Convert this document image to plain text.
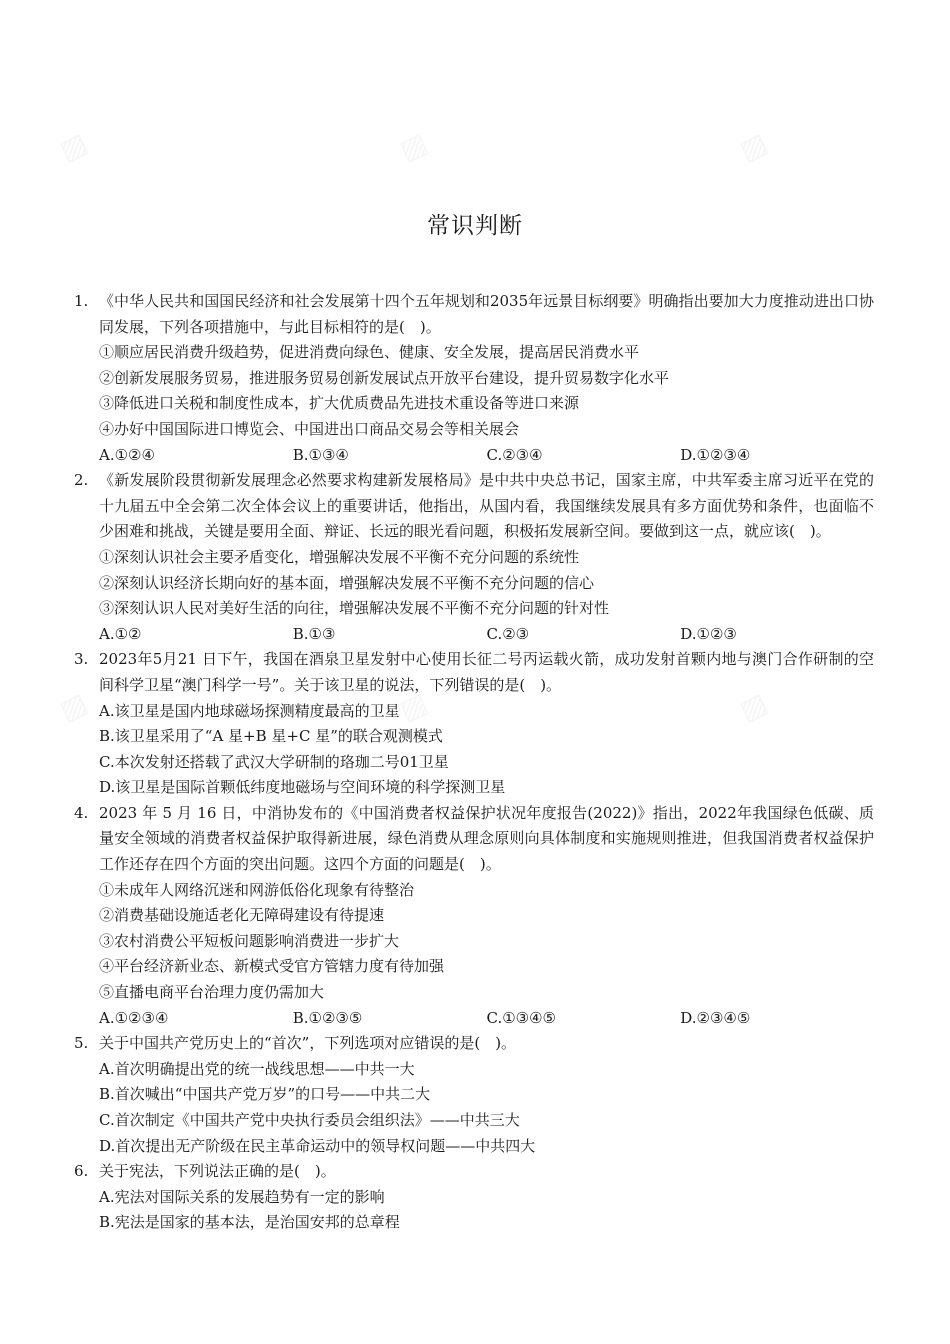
常识判断
1. 《中华人民共和国国民经济和社会发展第十四个五年规划和2035年远景目标纲要》明确指出要加大力度推动进出口协同发展，下列各项措施中，与此目标相符的是(　)。
①顺应居民消费升级趋势，促进消费向绿色、健康、安全发展，提高居民消费水平
②创新发展服务贸易，推进服务贸易创新发展试点开放平台建设，提升贸易数字化水平
③降低进口关税和制度性成本，扩大优质费品先进技术重设备等进口来源
④办好中国国际进口博览会、中国进出口商品交易会等相关展会
A.①②④	B.①③④	C.②③④	D.①②③④
2. 《新发展阶段贯彻新发展理念必然要求构建新发展格局》是中共中央总书记，国家主席，中共军委主席习近平在党的十九届五中全会第二次全体会议上的重要讲话，他指出，从国内看，我国继续发展具有多方面优势和条件，也面临不少困难和挑战，关键是要用全面、辩证、长远的眼光看问题，积极拓发展新空间。要做到这一点，就应该(　)。
①深刻认识社会主要矛盾变化，增强解决发展不平衡不充分问题的系统性
②深刻认识经济长期向好的基本面，增强解决发展不平衡不充分问题的信心
③深刻认识人民对美好生活的向往，增强解决发展不平衡不充分问题的针对性
A.①②	B.①③	C.②③	D.①②③
3. 2023年5月21 日下午，我国在酒泉卫星发射中心使用长征二号丙运载火箭，成功发射首颗内地与澳门合作研制的空间科学卫星“澳门科学一号”。关于该卫星的说法，下列错误的是(　)。
A.该卫星是国内地球磁场探测精度最高的卫星
B.该卫星采用了“A 星+B 星+C 星”的联合观测模式
C.本次发射还搭载了武汉大学研制的珞珈二号01卫星
D.该卫星是国际首颗低纬度地磁场与空间环境的科学探测卫星
4. 2023 年 5 月 16 日，中消协发布的《中国消费者权益保护状况年度报告(2022)》指出，2022年我国绿色低碳、质量安全领域的消费者权益保护取得新进展，绿色消费从理念原则向具体制度和实施规则推进，但我国消费者权益保护工作还存在四个方面的突出问题。这四个方面的问题是(　)。
①未成年人网络沉迷和网游低俗化现象有待整治
②消费基础设施适老化无障碍建设有待提速
③农村消费公平短板问题影响消费进一步扩大
④平台经济新业态、新模式受官方管辖力度有待加强
⑤直播电商平台治理力度仍需加大
A.①②③④	B.①②③⑤	C.①③④⑤	D.②③④⑤
5. 关于中国共产党历史上的“首次”，下列选项对应错误的是(　)。
A.首次明确提出党的统一战线思想——中共一大
B.首次喊出“中国共产党万岁”的口号——中共二大
C.首次制定《中国共产党中央执行委员会组织法》——中共三大
D.首次提出无产阶级在民主革命运动中的领导权问题——中共四大
6. 关于宪法，下列说法正确的是(　)。
A.宪法对国际关系的发展趋势有一定的影响
B.宪法是国家的基本法，是治国安邦的总章程
